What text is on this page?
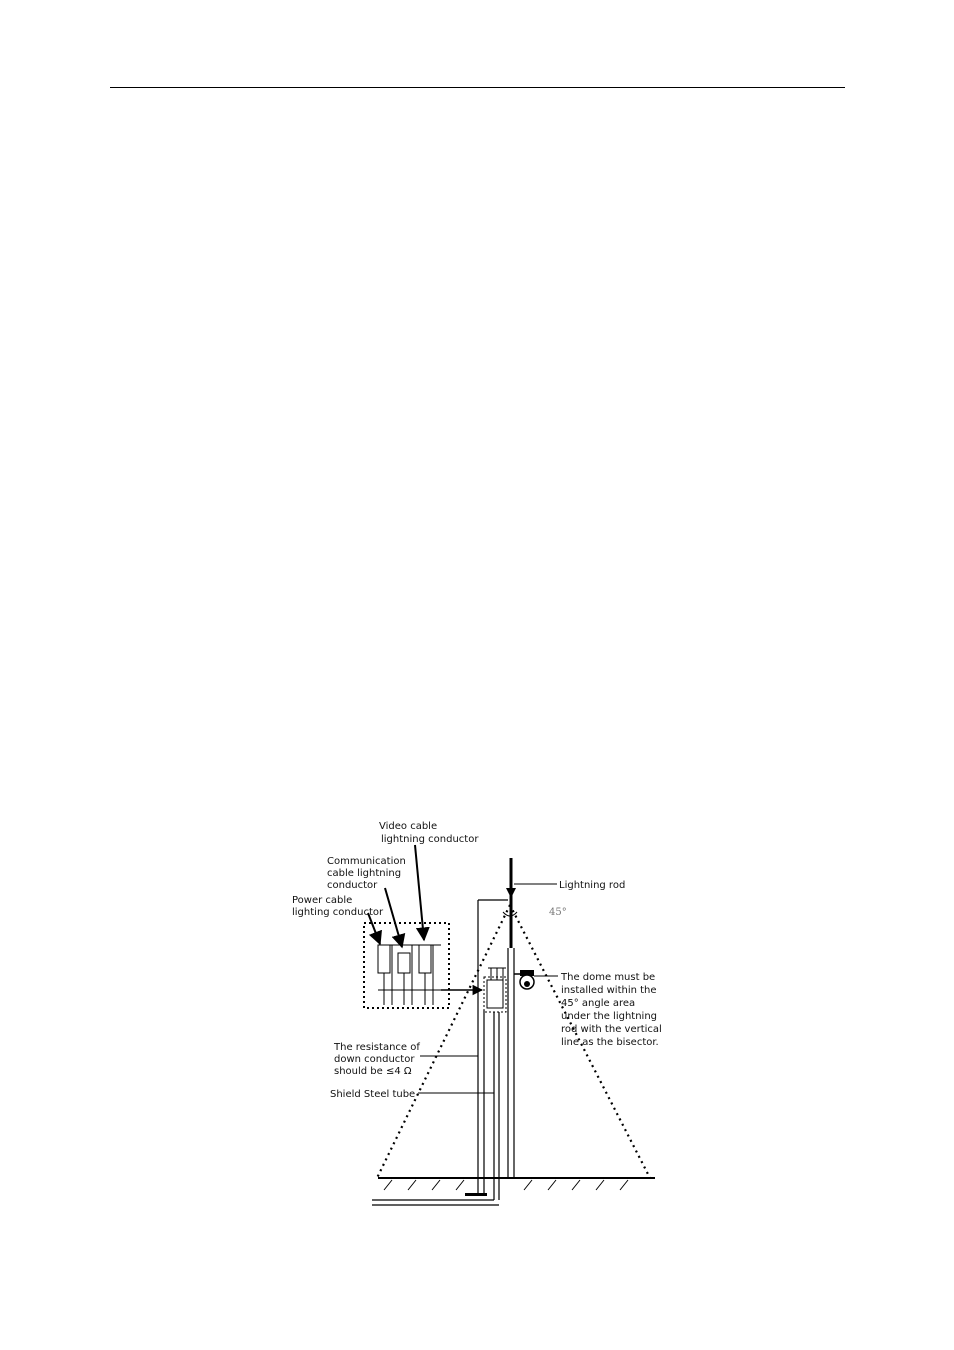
Video cable
lightning conductor
Communication
cable lightning
conductor
Power cable
lighting conductor
Lightning rod
45°
The dome must be
installed within the
45° angle area
under the lightning
rod with the vertical
line as the bisector.
The resistance of
down conductor
should be ≤4 Ω
Shield Steel tube
